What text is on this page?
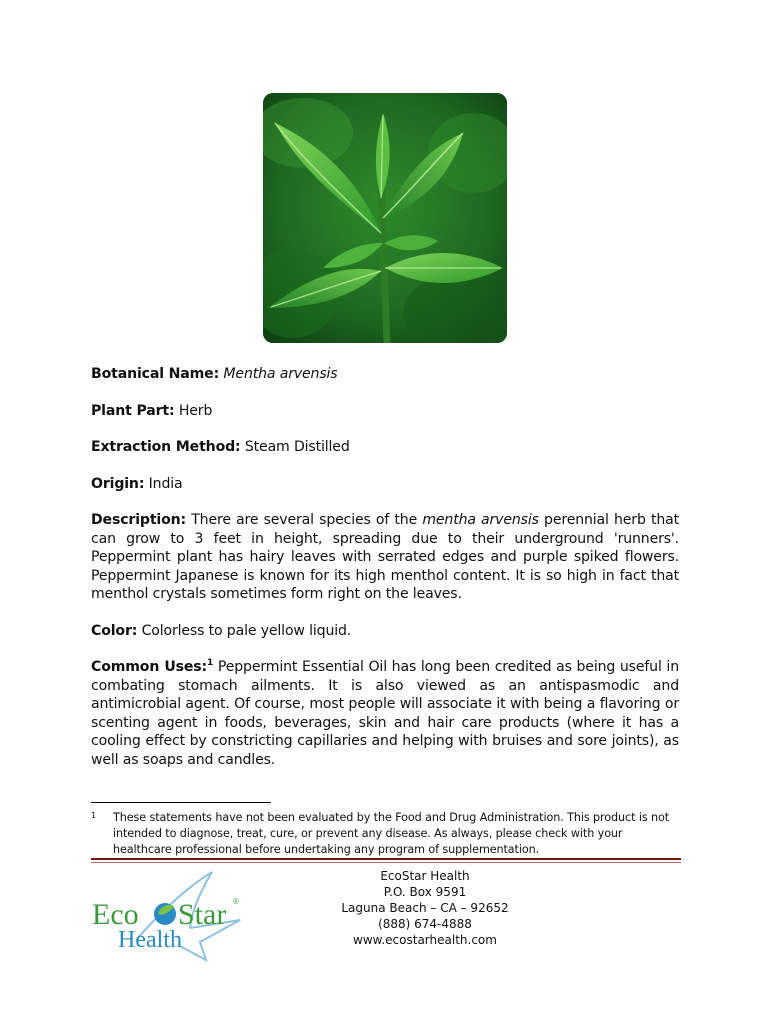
Botanical Name: Mentha arvensis

Plant Part: Herb

Extraction Method: Steam Distilled

Origin: India

Description: There are several species of the mentha arvensis perennial herb that can grow to 3 feet in height, spreading due to their underground 'runners'. Peppermint plant has hairy leaves with serrated edges and purple spiked flowers. Peppermint Japanese is known for its high menthol content. It is so high in fact that menthol crystals sometimes form right on the leaves.

Color: Colorless to pale yellow liquid.

Common Uses:$^1$ Peppermint Essential Oil has long been credited as being useful in combating stomach ailments. It is also viewed as an antispasmodic and antimicrobial agent. Of course, most people will associate it with being a flavoring or scenting agent in foods, beverages, skin and hair care products (where it has a cooling effect by constricting capillaries and helping with bruises and sore joints), as well as soaps and candles.

1 These statements have not been evaluated by the Food and Drug Administration. This product is not intended to diagnose, treat, cure, or prevent any disease. As always, please check with your healthcare professional before undertaking any program of supplementation.
Eco Star ®
Health
EcoStar Health
P.O. Box 9591
Laguna Beach – CA – 92652
(888) 674-4888
www.ecostarhealth.com
